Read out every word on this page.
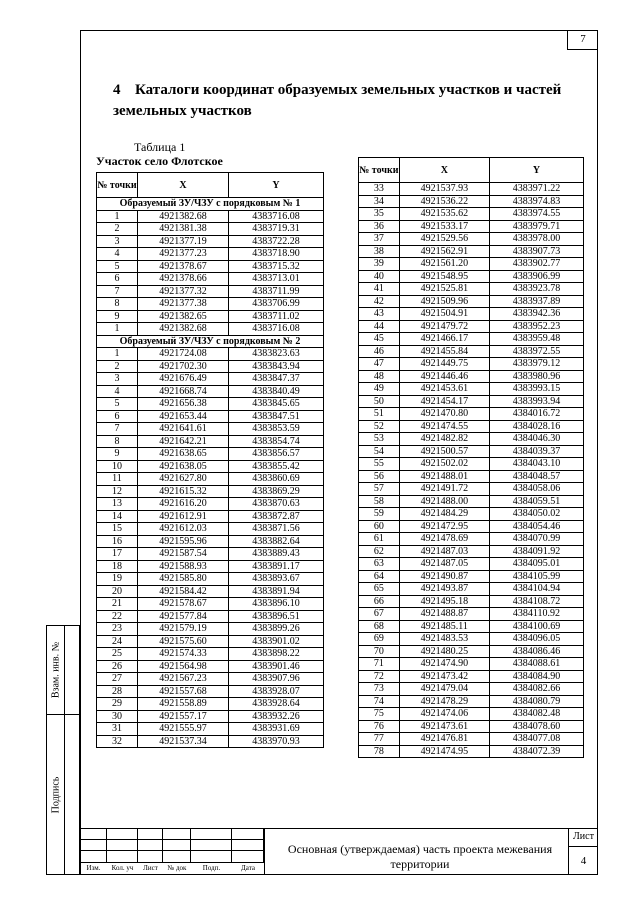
7
4 Каталоги координат образуемых земельных участков и частей земельных участков
Таблица 1
Участок село Флотское
№ точки	X	Y
Образуемый ЗУ/ЧЗУ с порядковым № 1		
1	4921382.68	4383716.08
2	4921381.38	4383719.31
3	4921377.19	4383722.28
4	4921377.23	4383718.90
5	4921378.67	4383715.32
6	4921378.66	4383713.01
7	4921377.32	4383711.99
8	4921377.38	4383706.99
9	4921382.65	4383711.02
1	4921382.68	4383716.08
Образуемый ЗУ/ЧЗУ с порядковым № 2		
1	4921724.08	4383823.63
2	4921702.30	4383843.94
3	4921676.49	4383847.37
4	4921668.74	4383840.49
5	4921656.38	4383845.65
6	4921653.44	4383847.51
7	4921641.61	4383853.59
8	4921642.21	4383854.74
9	4921638.65	4383856.57
10	4921638.05	4383855.42
11	4921627.80	4383860.69
12	4921615.32	4383869.29
13	4921616.20	4383870.63
14	4921612.91	4383872.87
15	4921612.03	4383871.56
16	4921595.96	4383882.64
17	4921587.54	4383889.43
18	4921588.93	4383891.17
19	4921585.80	4383893.67
20	4921584.42	4383891.94
21	4921578.67	4383896.10
22	4921577.84	4383896.51
23	4921579.19	4383899.26
24	4921575.60	4383901.02
25	4921574.33	4383898.22
26	4921564.98	4383901.46
27	4921567.23	4383907.96
28	4921557.68	4383928.07
29	4921558.89	4383928.64
30	4921557.17	4383932.26
31	4921555.97	4383931.69
32	4921537.34	4383970.93
№ точки	X	Y
33	4921537.93	4383971.22
34	4921536.22	4383974.83
35	4921535.62	4383974.55
36	4921533.17	4383979.71
37	4921529.56	4383978.00
38	4921562.91	4383907.73
39	4921561.20	4383902.77
40	4921548.95	4383906.99
41	4921525.81	4383923.78
42	4921509.96	4383937.89
43	4921504.91	4383942.36
44	4921479.72	4383952.23
45	4921466.17	4383959.48
46	4921455.84	4383972.55
47	4921449.75	4383979.12
48	4921446.46	4383980.96
49	4921453.61	4383993.15
50	4921454.17	4383993.94
51	4921470.80	4384016.72
52	4921474.55	4384028.16
53	4921482.82	4384046.30
54	4921500.57	4384039.37
55	4921502.02	4384043.10
56	4921488.01	4384048.57
57	4921491.72	4384058.06
58	4921488.00	4384059.51
59	4921484.29	4384050.02
60	4921472.95	4384054.46
61	4921478.69	4384070.99
62	4921487.03	4384091.92
63	4921487.05	4384095.01
64	4921490.87	4384105.99
65	4921493.87	4384104.94
66	4921495.18	4384108.72
67	4921488.87	4384110.92
68	4921485.11	4384100.69
69	4921483.53	4384096.05
70	4921480.25	4384086.46
71	4921474.90	4384088.61
72	4921473.42	4384084.90
73	4921479.04	4384082.66
74	4921478.29	4384080.79
75	4921474.06	4384082.48
76	4921473.61	4384078.60
77	4921476.81	4384077.08
78	4921474.95	4384072.39
Взам. инв. №
Подпись
Изм.	Кол. уч	Лист	№ док	Подп.	Дата
Основная (утверждаемая) часть проекта межевания территории
Лист
4
